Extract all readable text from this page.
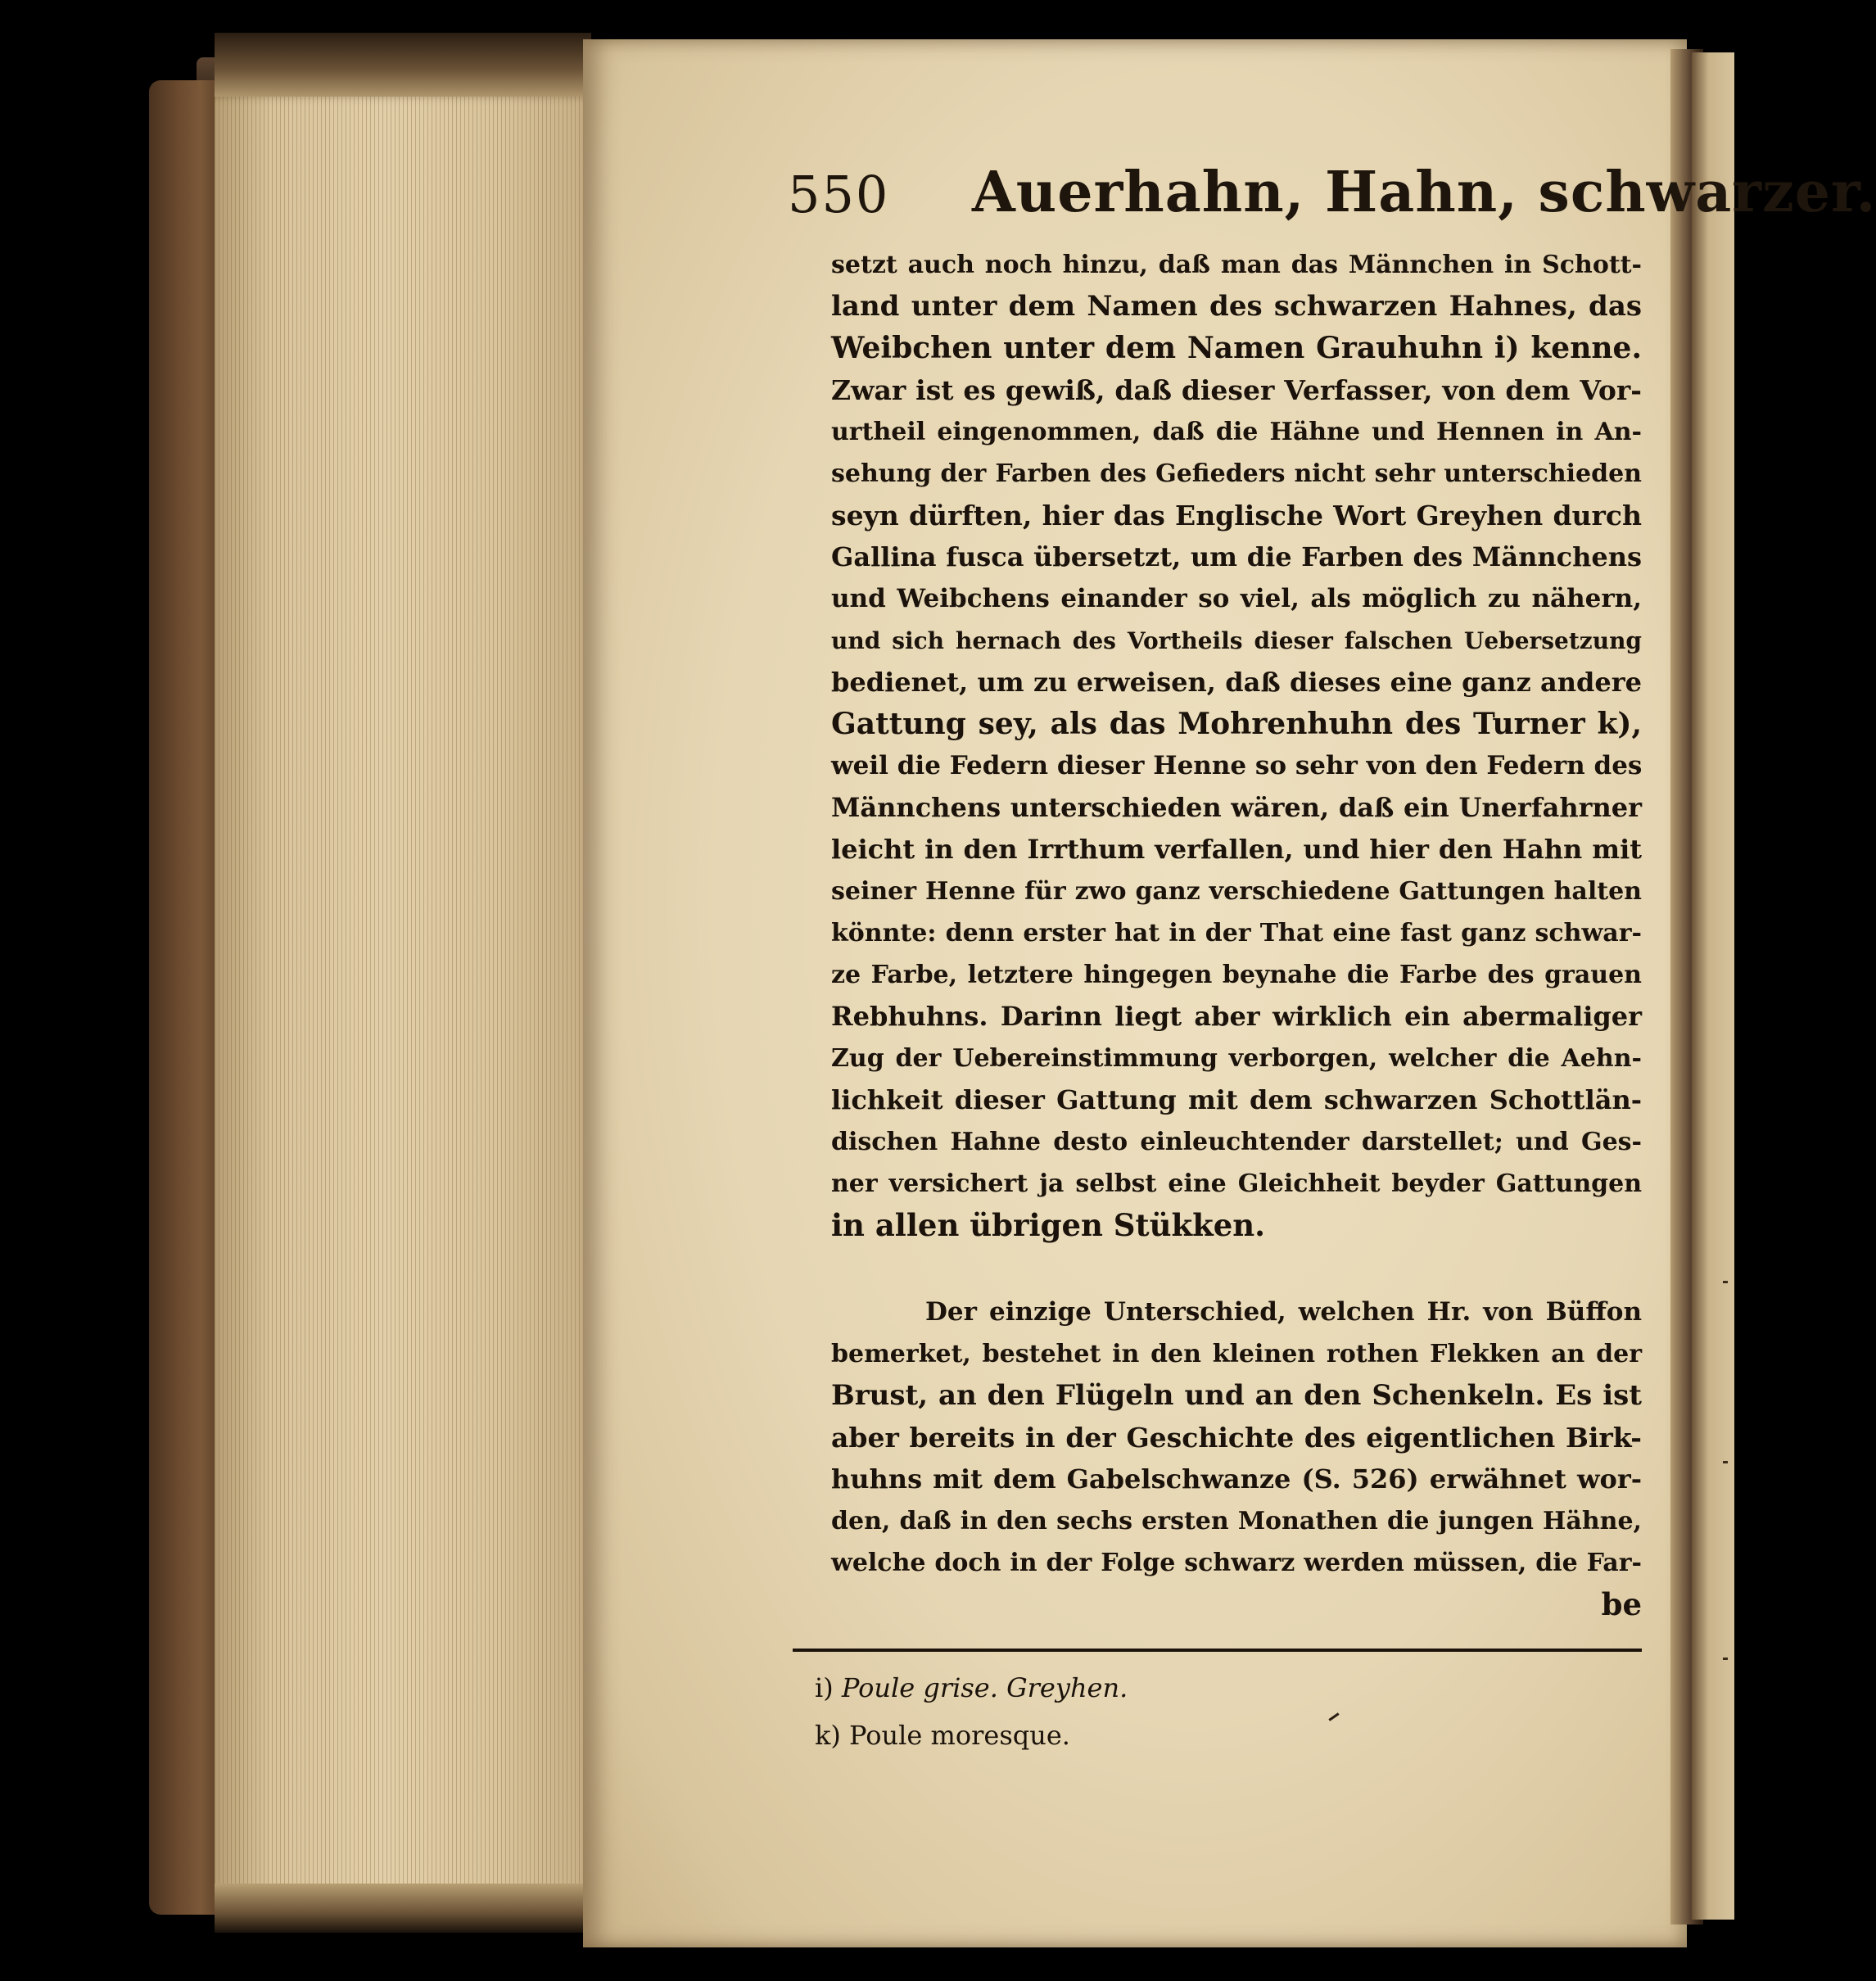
550 Auerhahn, Hahn, schwarzer.
setzt auch noch hinzu, daß man das Männchen in Schott-
land unter dem Namen des schwarzen Hahnes, das
Weibchen unter dem Namen Grauhuhn i) kenne.
Zwar ist es gewiß, daß dieser Verfasser, von dem Vor-
urtheil eingenommen, daß die Hähne und Hennen in An-
sehung der Farben des Gefieders nicht sehr unterschieden
seyn dürften, hier das Englische Wort Greyhen durch
Gallina fusca übersetzt, um die Farben des Männchens
und Weibchens einander so viel, als möglich zu nähern,
und sich hernach des Vortheils dieser falschen Uebersetzung
bedienet, um zu erweisen, daß dieses eine ganz andere
Gattung sey, als das Mohrenhuhn des Turner k),
weil die Federn dieser Henne so sehr von den Federn des
Männchens unterschieden wären, daß ein Unerfahrner
leicht in den Irrthum verfallen, und hier den Hahn mit
seiner Henne für zwo ganz verschiedene Gattungen halten
könnte: denn erster hat in der That eine fast ganz schwar-
ze Farbe, letztere hingegen beynahe die Farbe des grauen
Rebhuhns. Darinn liegt aber wirklich ein abermaliger
Zug der Uebereinstimmung verborgen, welcher die Aehn-
lichkeit dieser Gattung mit dem schwarzen Schottlän-
dischen Hahne desto einleuchtender darstellet; und Ges-
ner versichert ja selbst eine Gleichheit beyder Gattungen
in allen übrigen Stükken.
Der einzige Unterschied, welchen Hr. von Büffon
bemerket, bestehet in den kleinen rothen Flekken an der
Brust, an den Flügeln und an den Schenkeln. Es ist
aber bereits in der Geschichte des eigentlichen Birk-
huhns mit dem Gabelschwanze (S. 526) erwähnet wor-
den, daß in den sechs ersten Monathen die jungen Hähne,
welche doch in der Folge schwarz werden müssen, die Far-
be
i) Poule grise. Greyhen.
k) Poule moresque.
